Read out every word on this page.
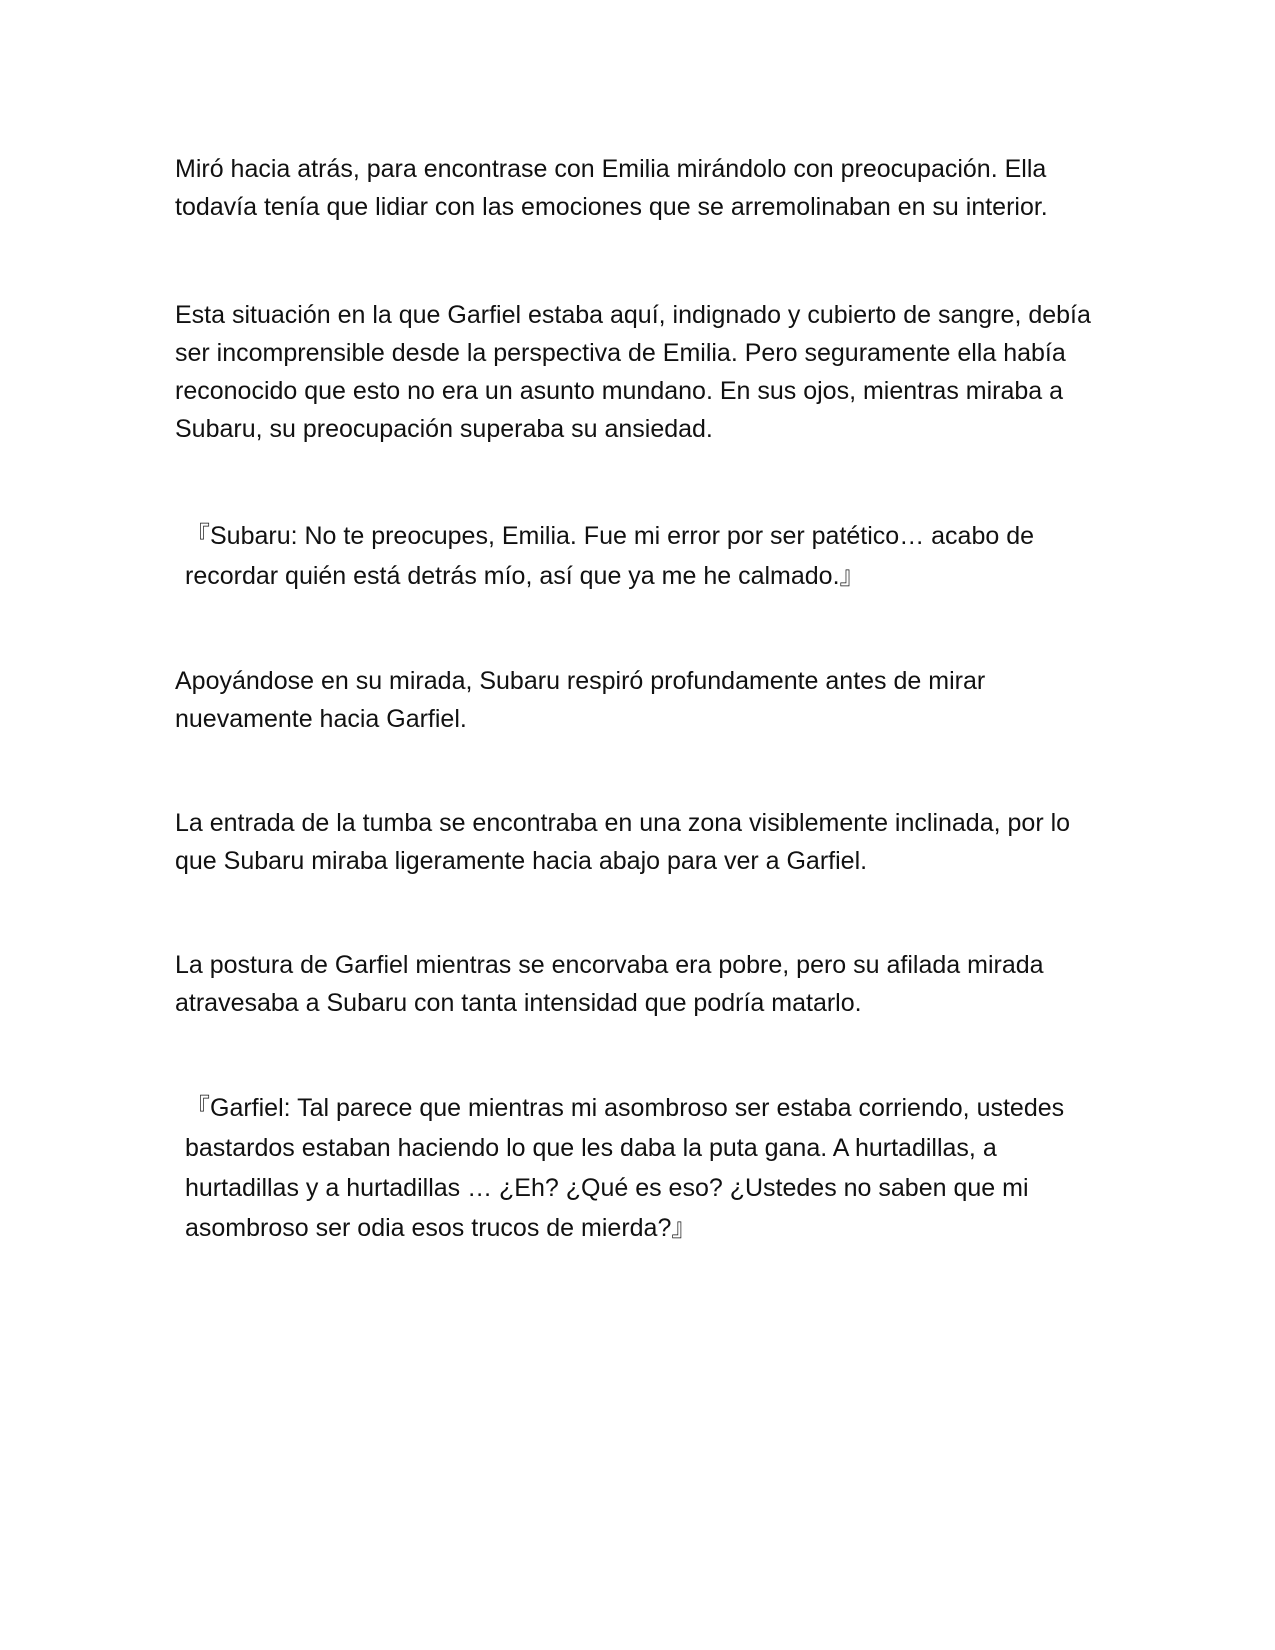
Miró hacia atrás, para encontrase con Emilia mirándolo con preocupación. Ella todavía tenía que lidiar con las emociones que se arremolinaban en su interior.

Esta situación en la que Garfiel estaba aquí, indignado y cubierto de sangre, debía ser incomprensible desde la perspectiva de Emilia. Pero seguramente ella había reconocido que esto no era un asunto mundano. En sus ojos, mientras miraba a Subaru, su preocupación superaba su ansiedad.

『Subaru: No te preocupes, Emilia. Fue mi error por ser patético… acabo de recordar quién está detrás mío, así que ya me he calmado.』

Apoyándose en su mirada, Subaru respiró profundamente antes de mirar nuevamente hacia Garfiel.

La entrada de la tumba se encontraba en una zona visiblemente inclinada, por lo que Subaru miraba ligeramente hacia abajo para ver a Garfiel.

La postura de Garfiel mientras se encorvaba era pobre, pero su afilada mirada atravesaba a Subaru con tanta intensidad que podría matarlo.

『Garfiel: Tal parece que mientras mi asombroso ser estaba corriendo, ustedes bastardos estaban haciendo lo que les daba la puta gana. A hurtadillas, a hurtadillas y a hurtadillas … ¿Eh? ¿Qué es eso? ¿Ustedes no saben que mi asombroso ser odia esos trucos de mierda?』
